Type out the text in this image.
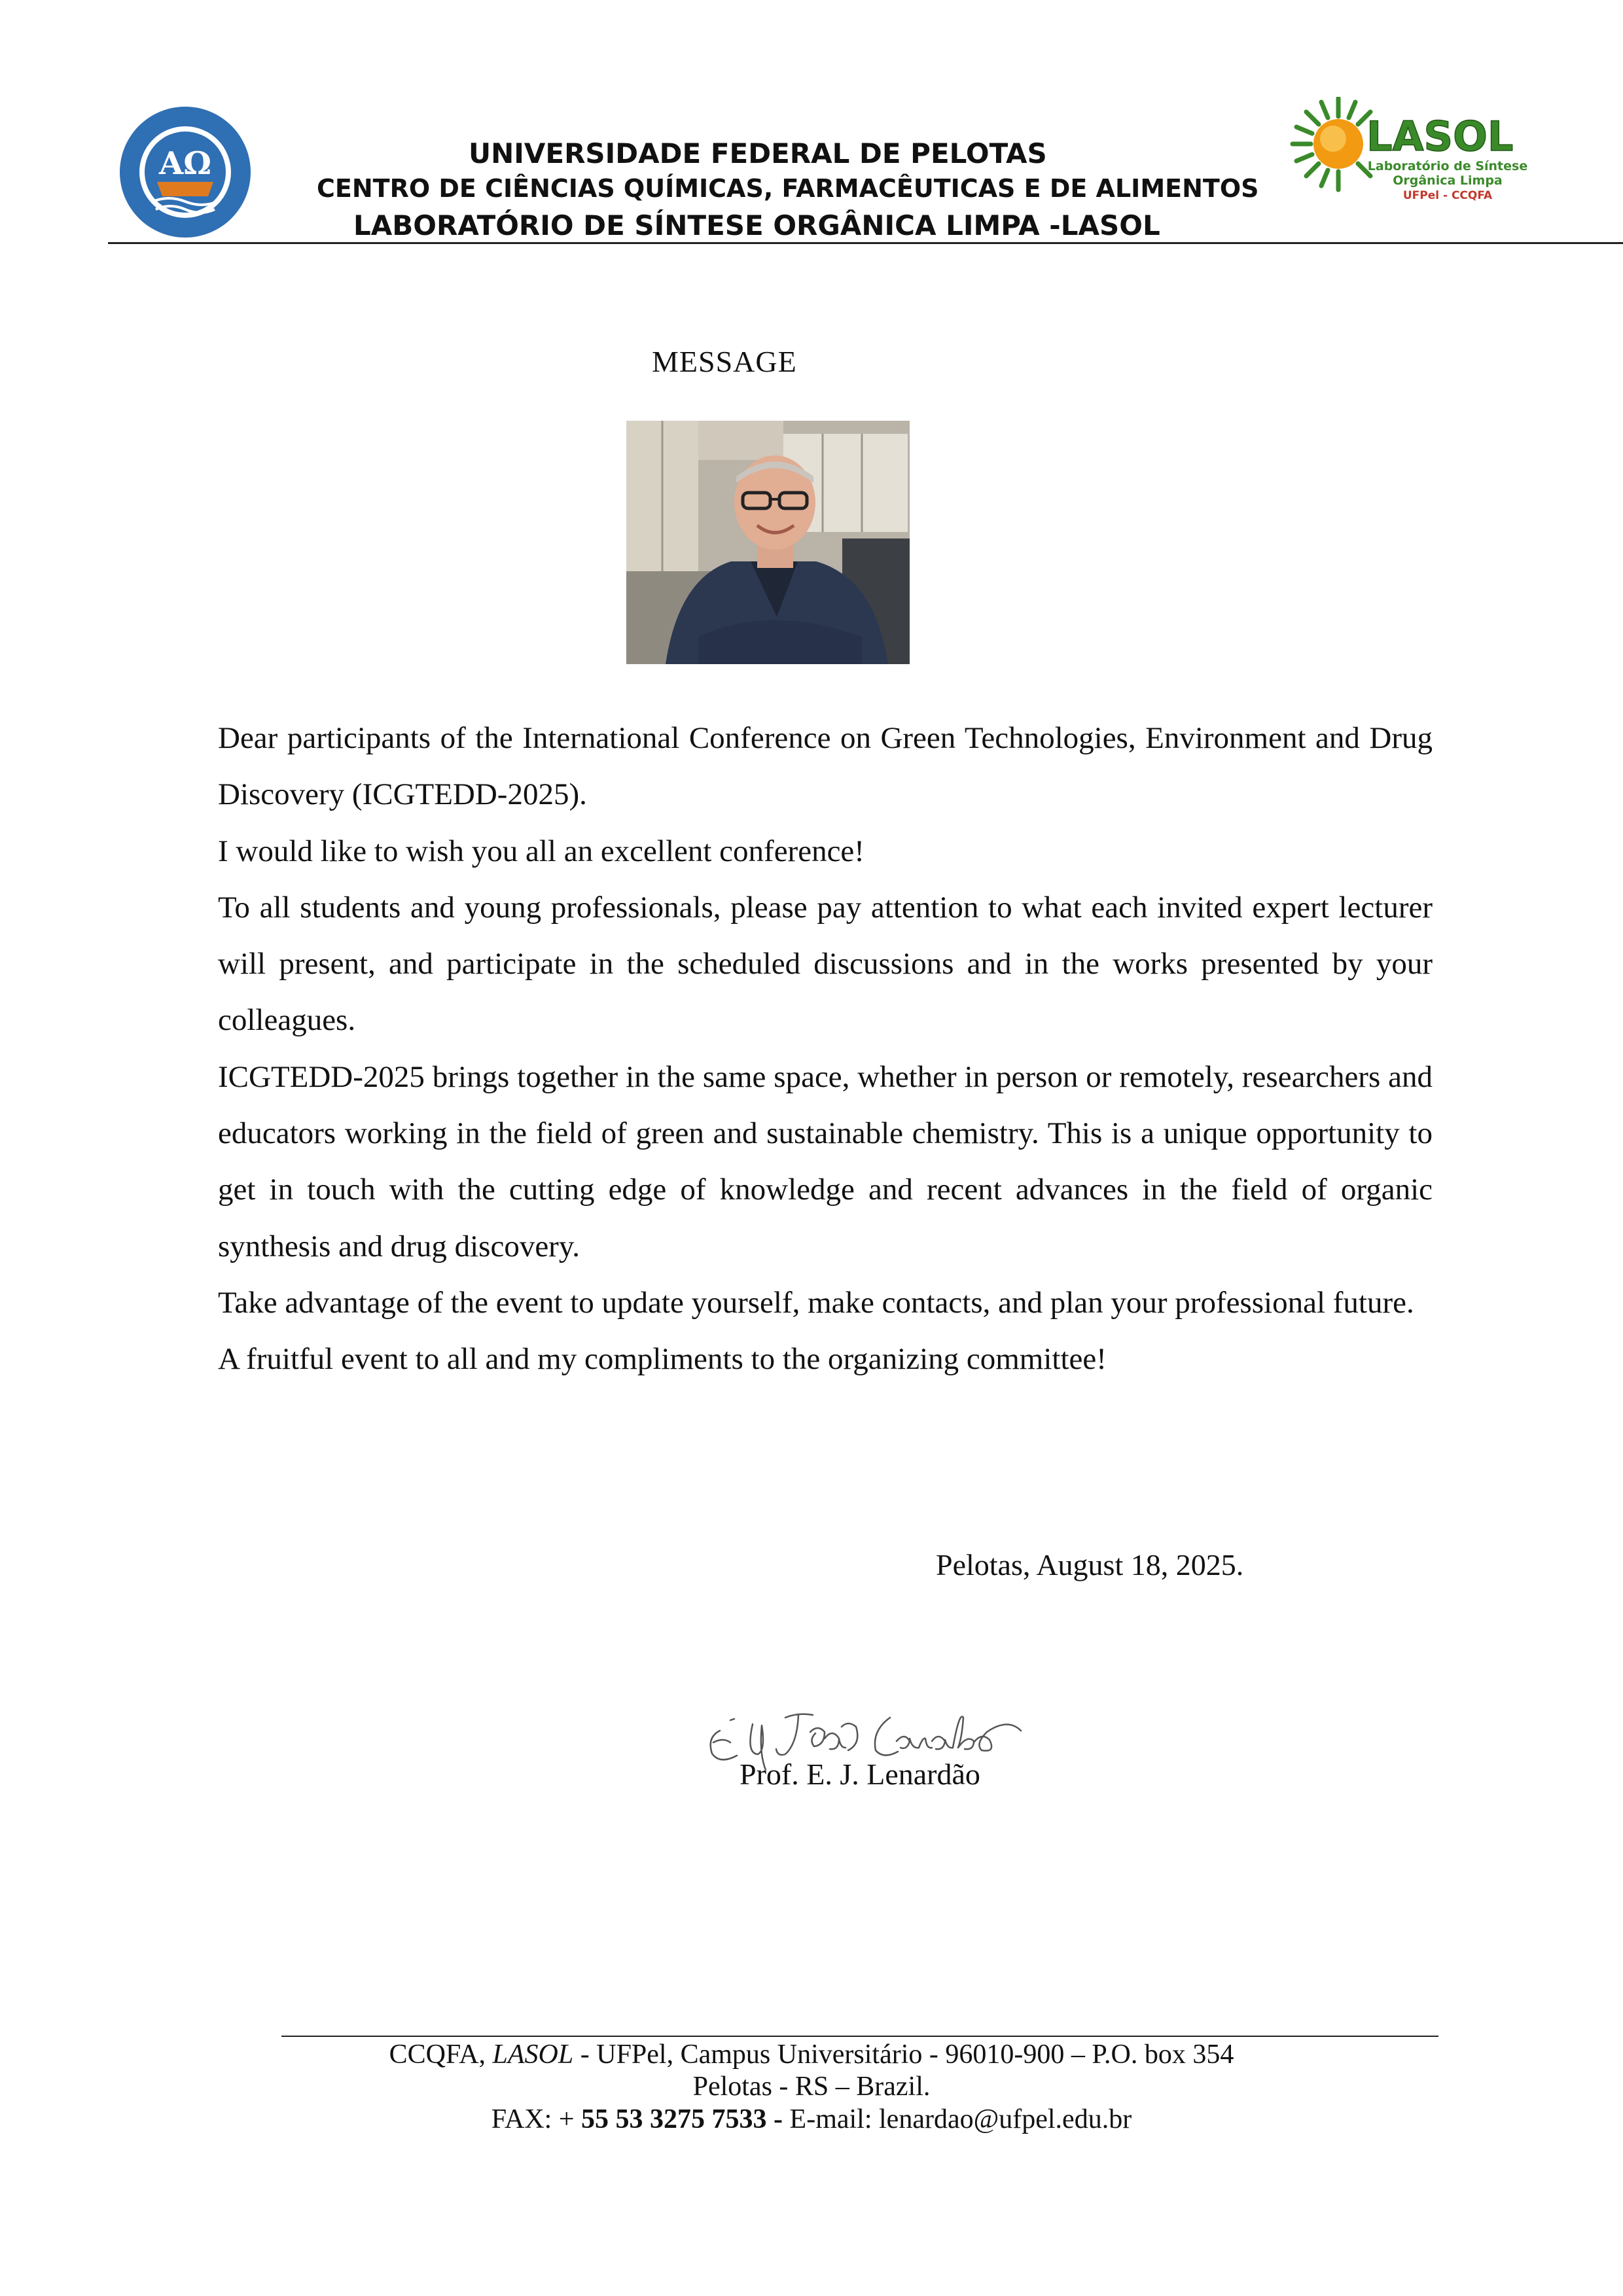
AΩ
LASOL
Laboratório de Síntese
Orgânica Limpa
UFPel - CCQFA
UNIVERSIDADE FEDERAL DE PELOTAS
CENTRO DE CIÊNCIAS QUÍMICAS, FARMACÊUTICAS E DE ALIMENTOS
LABORATÓRIO DE SÍNTESE ORGÂNICA LIMPA -LASOL
MESSAGE

Dear participants of the International Conference on Green Technologies, Environment and Drug Discovery (ICGTEDD-2025).

I would like to wish you all an excellent conference!

To all students and young professionals, please pay attention to what each invited expert lecturer will present, and participate in the scheduled discussions and in the works presented by your colleagues.

ICGTEDD-2025 brings together in the same space, whether in person or remotely, researchers and educators working in the field of green and sustainable chemistry. This is a unique opportunity to get in touch with the cutting edge of knowledge and recent advances in the field of organic synthesis and drug discovery.

Take advantage of the event to update yourself, make contacts, and plan your professional future.

A fruitful event to all and my compliments to the organizing committee!

Pelotas, August 18, 2025.
Prof. E. J. Lenardão
CCQFA, LASOL - UFPel, Campus Universitário - 96010-900 – P.O. box 354
Pelotas - RS – Brazil.
FAX: + 55 53 3275 7533 - E-mail: lenardao@ufpel.edu.br
